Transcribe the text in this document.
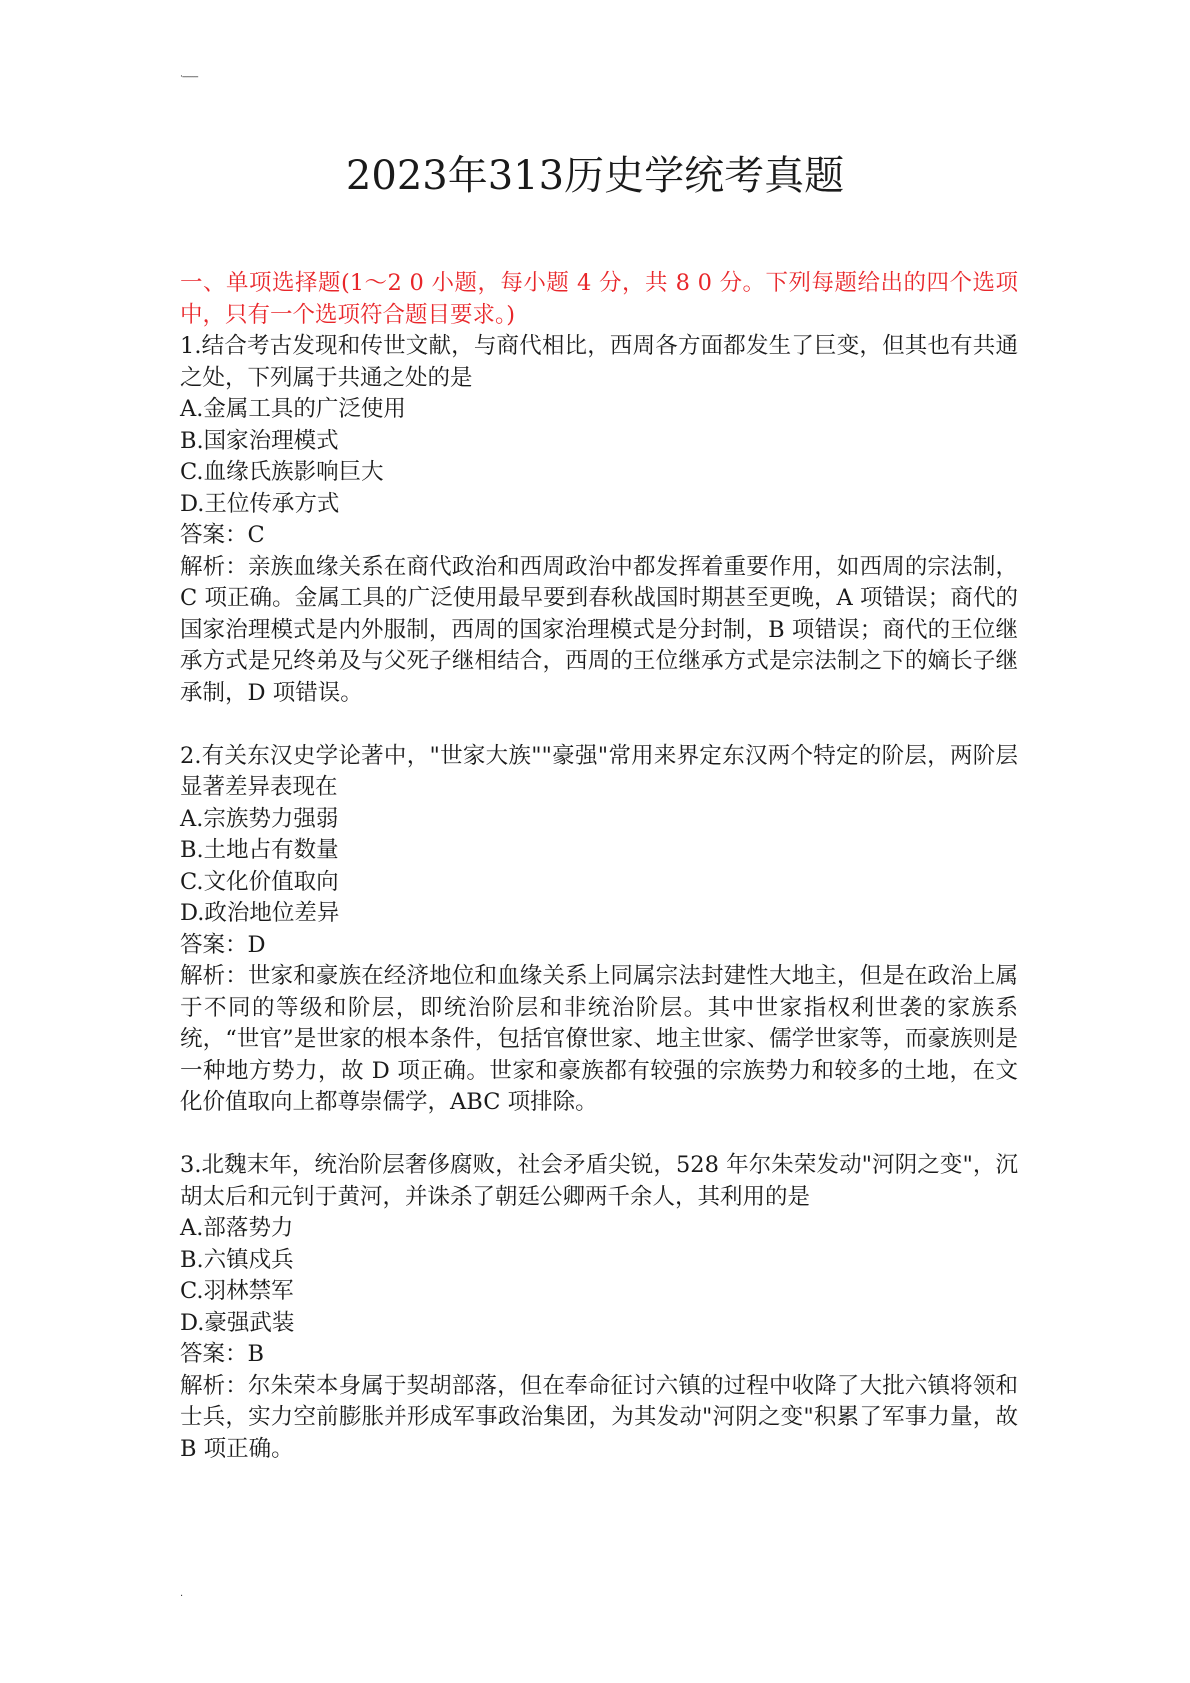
·-------
2023年313历史学统考真题

一、单项选择题(1～2 0 小题，每小题 4 分，共 8 0 分。下列每题给出的四个选项中，只有一个选项符合题目要求。)

1.结合考古发现和传世文献，与商代相比，西周各方面都发生了巨变，但其也有共通之处，下列属于共通之处的是

A.金属工具的广泛使用
B.国家治理模式
C.血缘氏族影响巨大
D.王位传承方式
答案：C

解析：亲族血缘关系在商代政治和西周政治中都发挥着重要作用，如西周的宗法制，C 项正确。金属工具的广泛使用最早要到春秋战国时期甚至更晚，A 项错误；商代的国家治理模式是内外服制，西周的国家治理模式是分封制，B 项错误；商代的王位继承方式是兄终弟及与父死子继相结合，西周的王位继承方式是宗法制之下的嫡长子继承制，D 项错误。

2.有关东汉史学论著中，"世家大族""豪强"常用来界定东汉两个特定的阶层，两阶层显著差异表现在

A.宗族势力强弱
B.土地占有数量
C.文化价值取向
D.政治地位差异
答案：D

解析：世家和豪族在经济地位和血缘关系上同属宗法封建性大地主，但是在政治上属于不同的等级和阶层，即统治阶层和非统治阶层。其中世家指权利世袭的家族系统，“世官”是世家的根本条件，包括官僚世家、地主世家、儒学世家等，而豪族则是一种地方势力，故 D 项正确。世家和豪族都有较强的宗族势力和较多的土地，在文化价值取向上都尊崇儒学，ABC 项排除。

3.北魏末年，统治阶层奢侈腐败，社会矛盾尖锐，528 年尔朱荣发动"河阴之变"，沉胡太后和元钊于黄河，并诛杀了朝廷公卿两千余人，其利用的是

A.部落势力
B.六镇戍兵
C.羽林禁军
D.豪强武装
答案：B

解析：尔朱荣本身属于契胡部落，但在奉命征讨六镇的过程中收降了大批六镇将领和士兵，实力空前膨胀并形成军事政治集团，为其发动"河阴之变"积累了军事力量，故 B 项正确。

.
